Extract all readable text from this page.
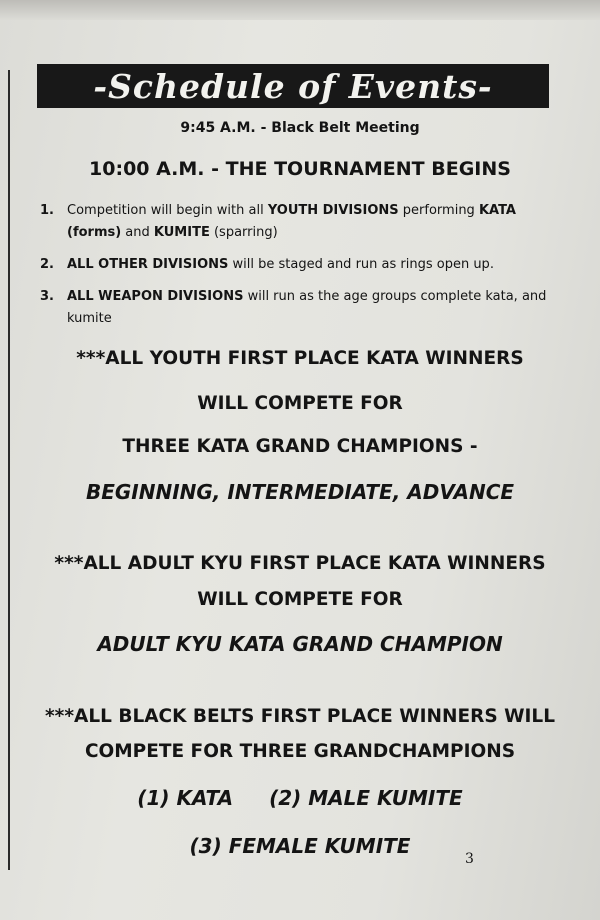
-Schedule of Events-
9:45 A.M. - Black Belt Meeting
10:00 A.M. - THE TOURNAMENT BEGINS
1.	Competition will begin with all YOUTH DIVISIONS performing KATA
(forms) and KUMITE (sparring)
2.	ALL OTHER DIVISIONS will be staged and run as rings open up.
3.	ALL WEAPON DIVISIONS will run as the age groups complete kata, and
kumite
***ALL YOUTH FIRST PLACE KATA WINNERS
WILL COMPETE FOR
THREE KATA GRAND CHAMPIONS -
BEGINNING, INTERMEDIATE, ADVANCE
***ALL ADULT KYU FIRST PLACE KATA WINNERS
WILL COMPETE FOR
ADULT KYU KATA GRAND CHAMPION
***ALL BLACK BELTS FIRST PLACE WINNERS WILL
COMPETE FOR THREE GRANDCHAMPIONS
(1) KATA (2) MALE KUMITE
(3) FEMALE KUMITE
3
